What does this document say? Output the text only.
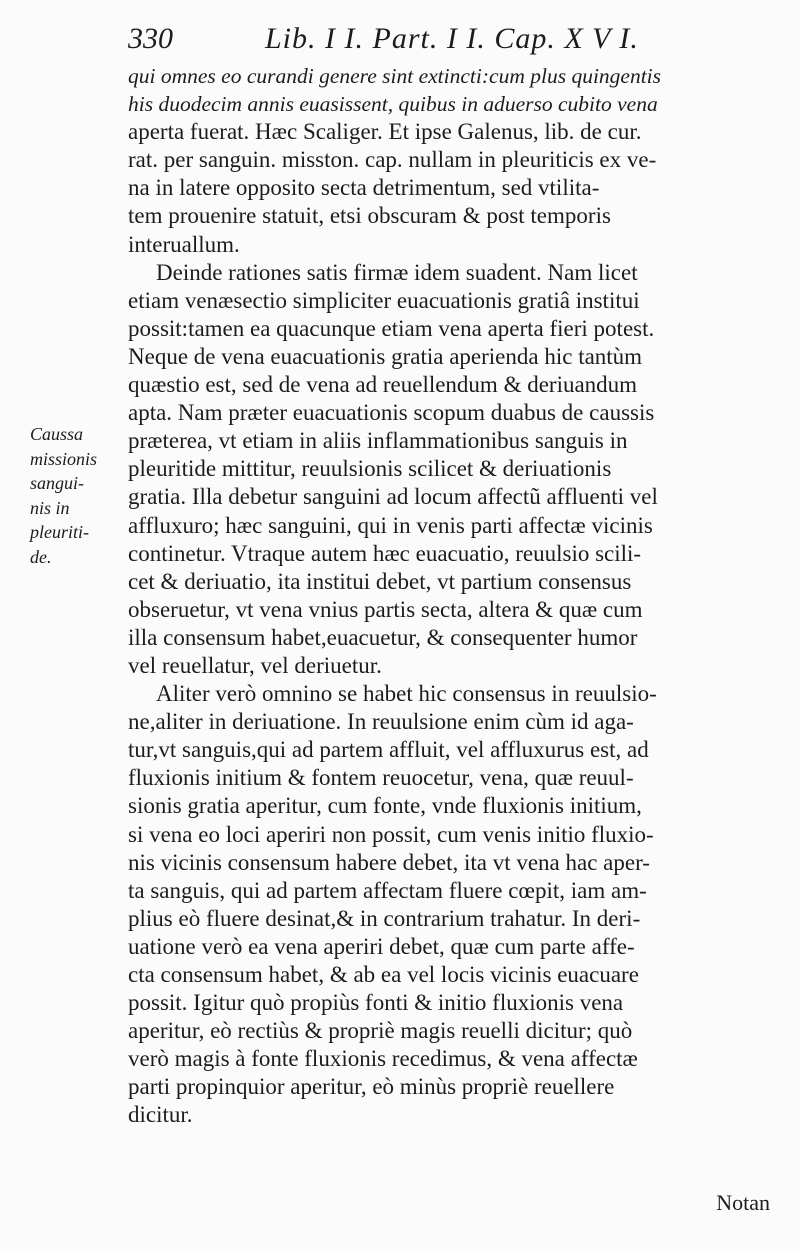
330	Lib. I I. Part. I I. Cap. X V I.
qui omnes eo curandi genere sint extincti:cum plus quingentis
his duodecim annis euasissent, quibus in aduerso cubito vena
aperta fuerat. Hæc Scaliger. Et ipse Galenus, lib. de cur.
rat. per sanguin. misston. cap. nullam in pleuriticis ex ve-
na in latere opposito secta detrimentum, sed vtilita-
tem prouenire statuit, etsi obscuram & post temporis
interuallum.
Deinde rationes satis firmæ idem suadent. Nam licet
etiam venæsectio simpliciter euacuationis gratiâ institui
possit:tamen ea quacunque etiam vena aperta fieri potest.
Neque de vena euacuationis gratia aperienda hic tantùm
quæstio est, sed de vena ad reuellendum & deriuandum
apta. Nam præter euacuationis scopum duabus de caussis
præterea, vt etiam in aliis inflammationibus sanguis in
pleuritide mittitur, reuulsionis scilicet & deriuationis
gratia. Illa debetur sanguini ad locum affectũ affluenti vel
affluxuro; hæc sanguini, qui in venis parti affectæ vicinis
continetur. Vtraque autem hæc euacuatio, reuulsio scili-
cet & deriuatio, ita institui debet, vt partium consensus
obseruetur, vt vena vnius partis secta, altera & quæ cum
illa consensum habet,euacuetur, & consequenter humor
vel reuellatur, vel deriuetur.
Aliter verò omnino se habet hic consensus in reuulsio-
ne,aliter in deriuatione. In reuulsione enim cùm id aga-
tur,vt sanguis,qui ad partem affluit, vel affluxurus est, ad
fluxionis initium & fontem reuocetur, vena, quæ reuul-
sionis gratia aperitur, cum fonte, vnde fluxionis initium,
si vena eo loci aperiri non possit, cum venis initio fluxio-
nis vicinis consensum habere debet, ita vt vena hac aper-
ta sanguis, qui ad partem affectam fluere cœpit, iam am-
plius eò fluere desinat,& in contrarium trahatur. In deri-
uatione verò ea vena aperiri debet, quæ cum parte affe-
cta consensum habet, & ab ea vel locis vicinis euacuare
possit. Igitur quò propiùs fonti & initio fluxionis vena
aperitur, eò rectiùs & propriè magis reuelli dicitur; quò
verò magis à fonte fluxionis recedimus, & vena affectæ
parti propinquior aperitur, eò minùs propriè reuellere
dicitur.
Caussa
missionis
sangui-
nis in
pleuriti-
de.
Notan
